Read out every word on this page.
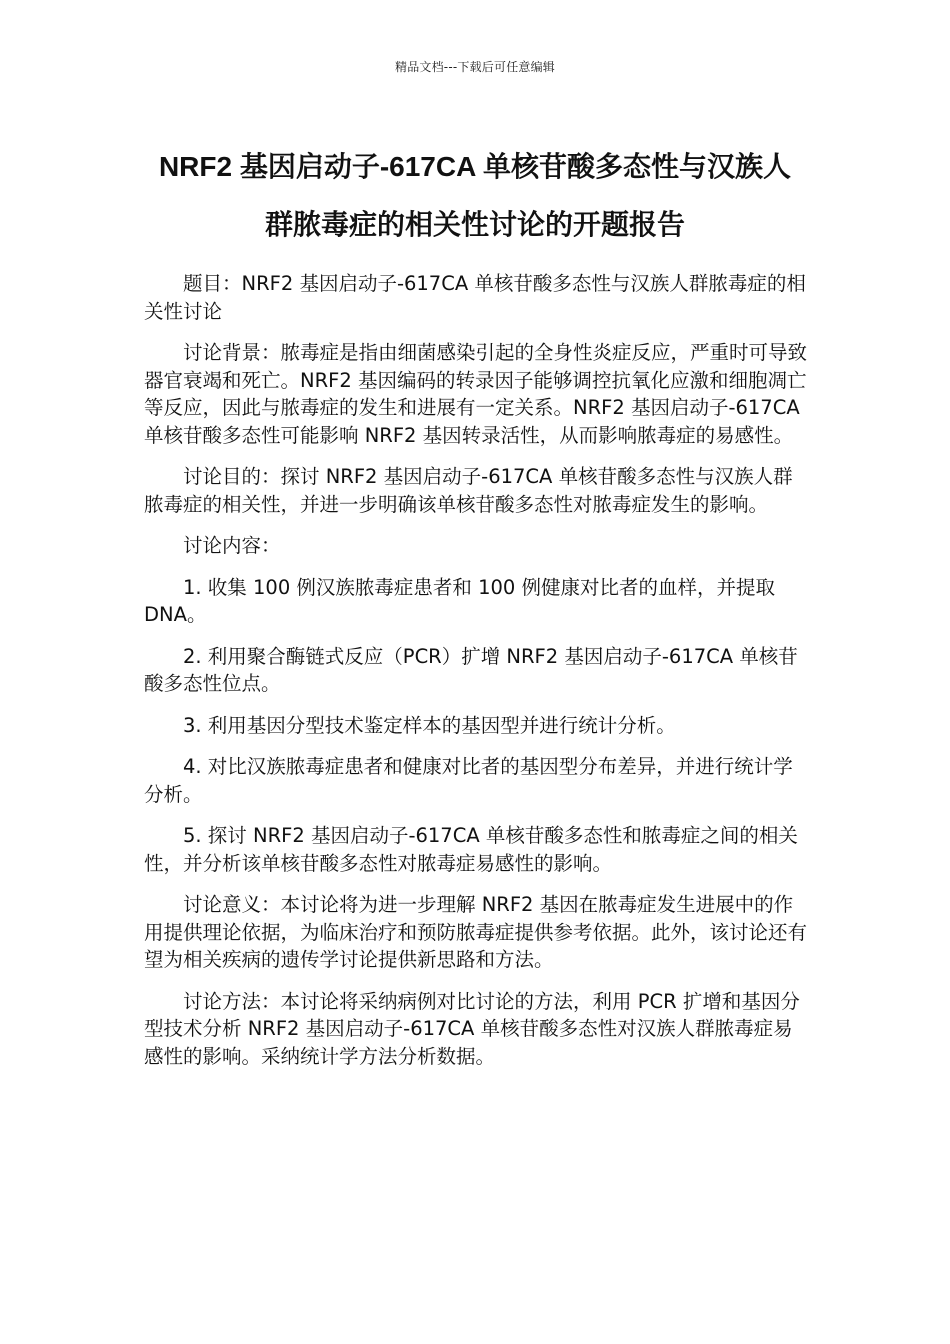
精品文档---下载后可任意编辑
NRF2 基因启动子-617CA 单核苷酸多态性与汉族人
群脓毒症的相关性讨论的开题报告

题目：NRF2 基因启动子-617CA 单核苷酸多态性与汉族人群脓毒症的相关性讨论

讨论背景：脓毒症是指由细菌感染引起的全身性炎症反应，严重时可导致器官衰竭和死亡。NRF2 基因编码的转录因子能够调控抗氧化应激和细胞凋亡等反应，因此与脓毒症的发生和进展有一定关系。NRF2 基因启动子-617CA 单核苷酸多态性可能影响 NRF2 基因转录活性，从而影响脓毒症的易感性。

讨论目的：探讨 NRF2 基因启动子-617CA 单核苷酸多态性与汉族人群脓毒症的相关性，并进一步明确该单核苷酸多态性对脓毒症发生的影响。

讨论内容：

1. 收集 100 例汉族脓毒症患者和 100 例健康对比者的血样，并提取 DNA。

2. 利用聚合酶链式反应（PCR）扩增 NRF2 基因启动子-617CA 单核苷酸多态性位点。

3. 利用基因分型技术鉴定样本的基因型并进行统计分析。

4. 对比汉族脓毒症患者和健康对比者的基因型分布差异，并进行统计学分析。

5. 探讨 NRF2 基因启动子-617CA 单核苷酸多态性和脓毒症之间的相关性，并分析该单核苷酸多态性对脓毒症易感性的影响。

讨论意义：本讨论将为进一步理解 NRF2 基因在脓毒症发生进展中的作用提供理论依据，为临床治疗和预防脓毒症提供参考依据。此外，该讨论还有望为相关疾病的遗传学讨论提供新思路和方法。

讨论方法：本讨论将采纳病例对比讨论的方法，利用 PCR 扩增和基因分型技术分析 NRF2 基因启动子-617CA 单核苷酸多态性对汉族人群脓毒症易感性的影响。采纳统计学方法分析数据。
